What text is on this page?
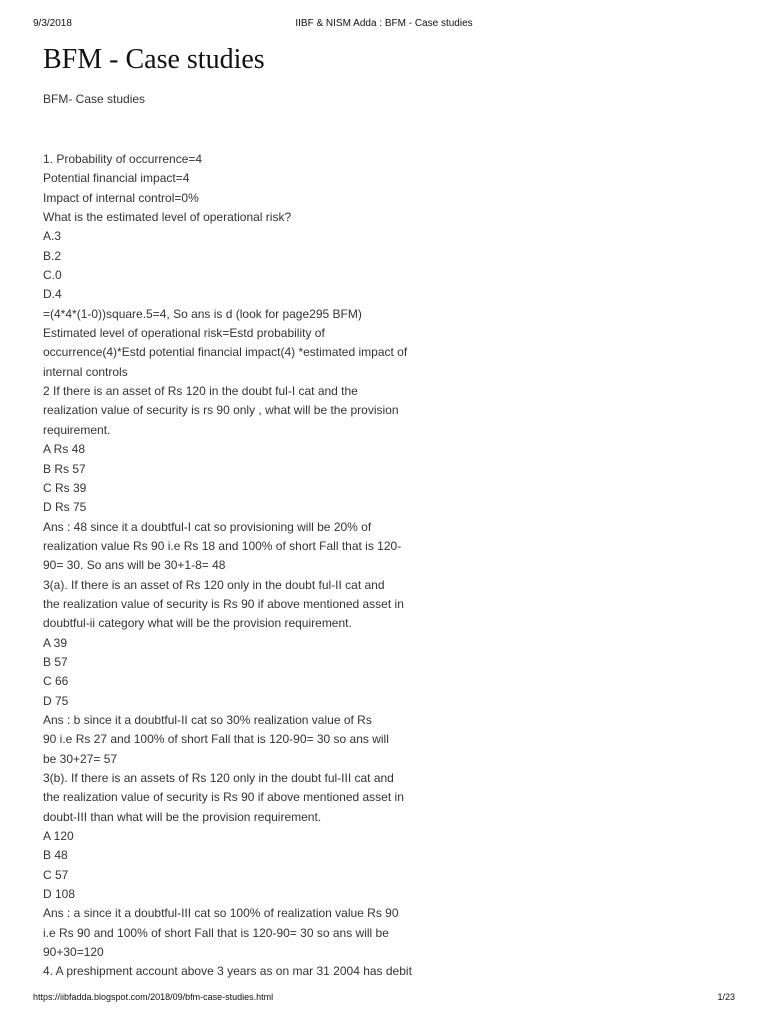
9/3/2018	IIBF & NISM Adda : BFM - Case studies
BFM - Case studies
BFM- Case studies
1. Probability of occurrence=4
Potential financial impact=4
Impact of internal control=0%
What is the estimated level of operational risk?
A.3
B.2
C.0
D.4
=(4*4*(1-0))square.5=4, So ans is d (look for page295 BFM)
Estimated level of operational risk=Estd probability of
occurrence(4)*Estd potential financial impact(4) *estimated impact of
internal controls
2 If there is an asset of Rs 120 in the doubt ful-I cat and the
realization value of security is rs 90 only , what will be the provision
requirement.
A Rs 48
B Rs 57
C Rs 39
D Rs 75
Ans : 48 since it a doubtful-I cat so provisioning will be 20% of
realization value Rs 90 i.e Rs 18 and 100% of short Fall that is 120-
90= 30. So ans will be 30+1-8= 48
3(a). If there is an asset of Rs 120 only in the doubt ful-II cat and
the realization value of security is Rs 90 if above mentioned asset in
doubtful-ii category what will be the provision requirement.
A 39
B 57
C 66
D 75
Ans : b since it a doubtful-II cat so 30% realization value of Rs
90 i.e Rs 27 and 100% of short Fall that is 120-90= 30 so ans will
be 30+27= 57
3(b). If there is an assets of Rs 120 only in the doubt ful-III cat and
the realization value of security is Rs 90 if above mentioned asset in
doubt-III than what will be the provision requirement.
A 120
B 48
C 57
D 108
Ans : a since it a doubtful-III cat so 100% of realization value Rs 90
i.e Rs 90 and 100% of short Fall that is 120-90= 30 so ans will be
90+30=120
4. A preshipment account above 3 years as on mar 31 2004 has debit
https://iibfadda.blogspot.com/2018/09/bfm-case-studies.html	1/23
